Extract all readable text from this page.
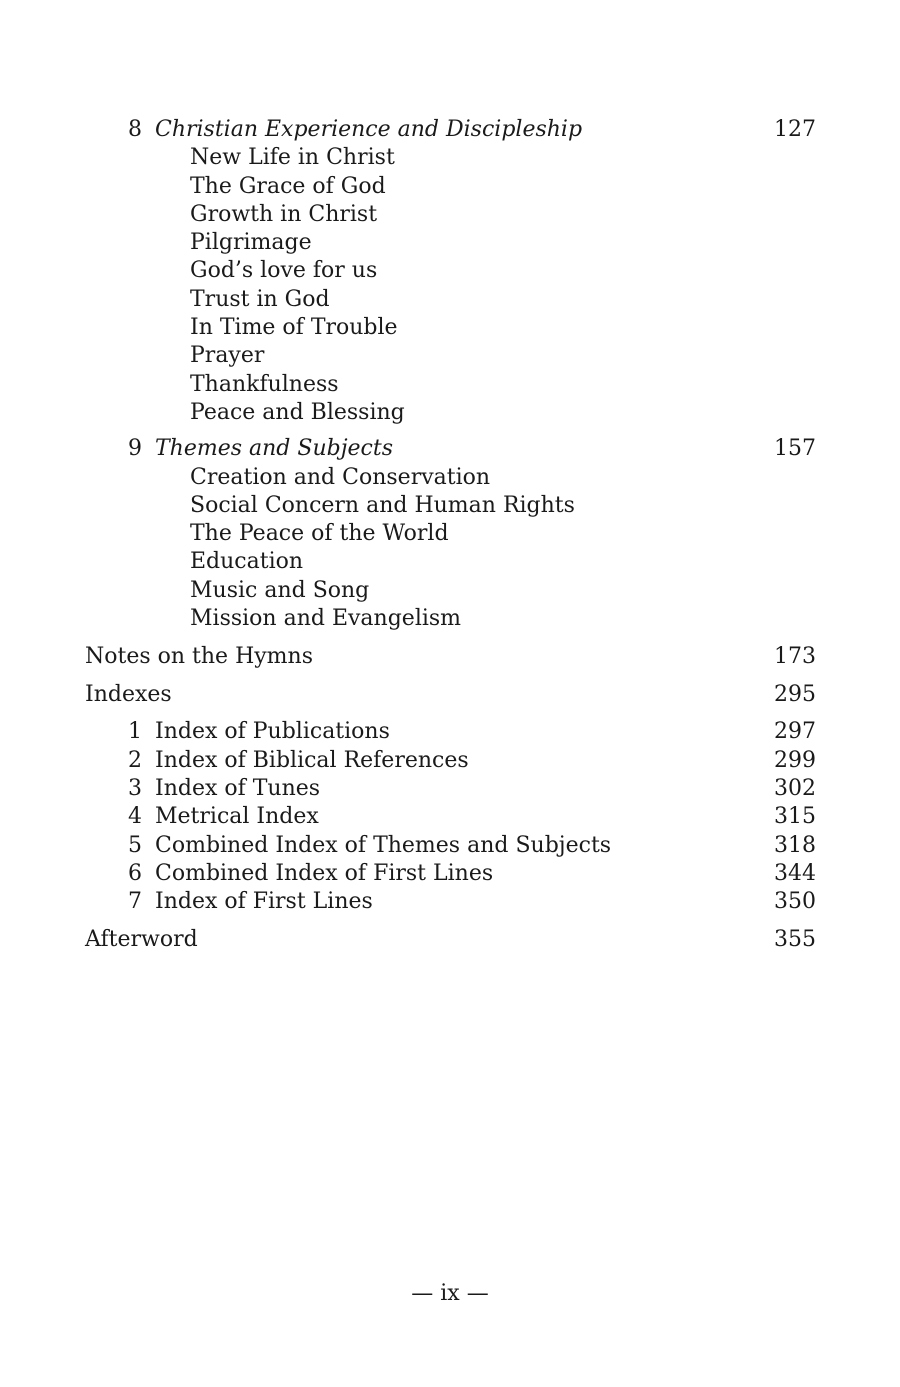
8 Christian Experience and Discipleship	127
New Life in Christ
The Grace of God
Growth in Christ
Pilgrimage
God’s love for us
Trust in God
In Time of Trouble
Prayer
Thankfulness
Peace and Blessing
9 Themes and Subjects	157
Creation and Conservation
Social Concern and Human Rights
The Peace of the World
Education
Music and Song
Mission and Evangelism
Notes on the Hymns	173
Indexes	295
1 Index of Publications	297
2 Index of Biblical References	299
3 Index of Tunes	302
4 Metrical Index	315
5 Combined Index of Themes and Subjects	318
6 Combined Index of First Lines	344
7 Index of First Lines	350
Afterword	355
— ix —
